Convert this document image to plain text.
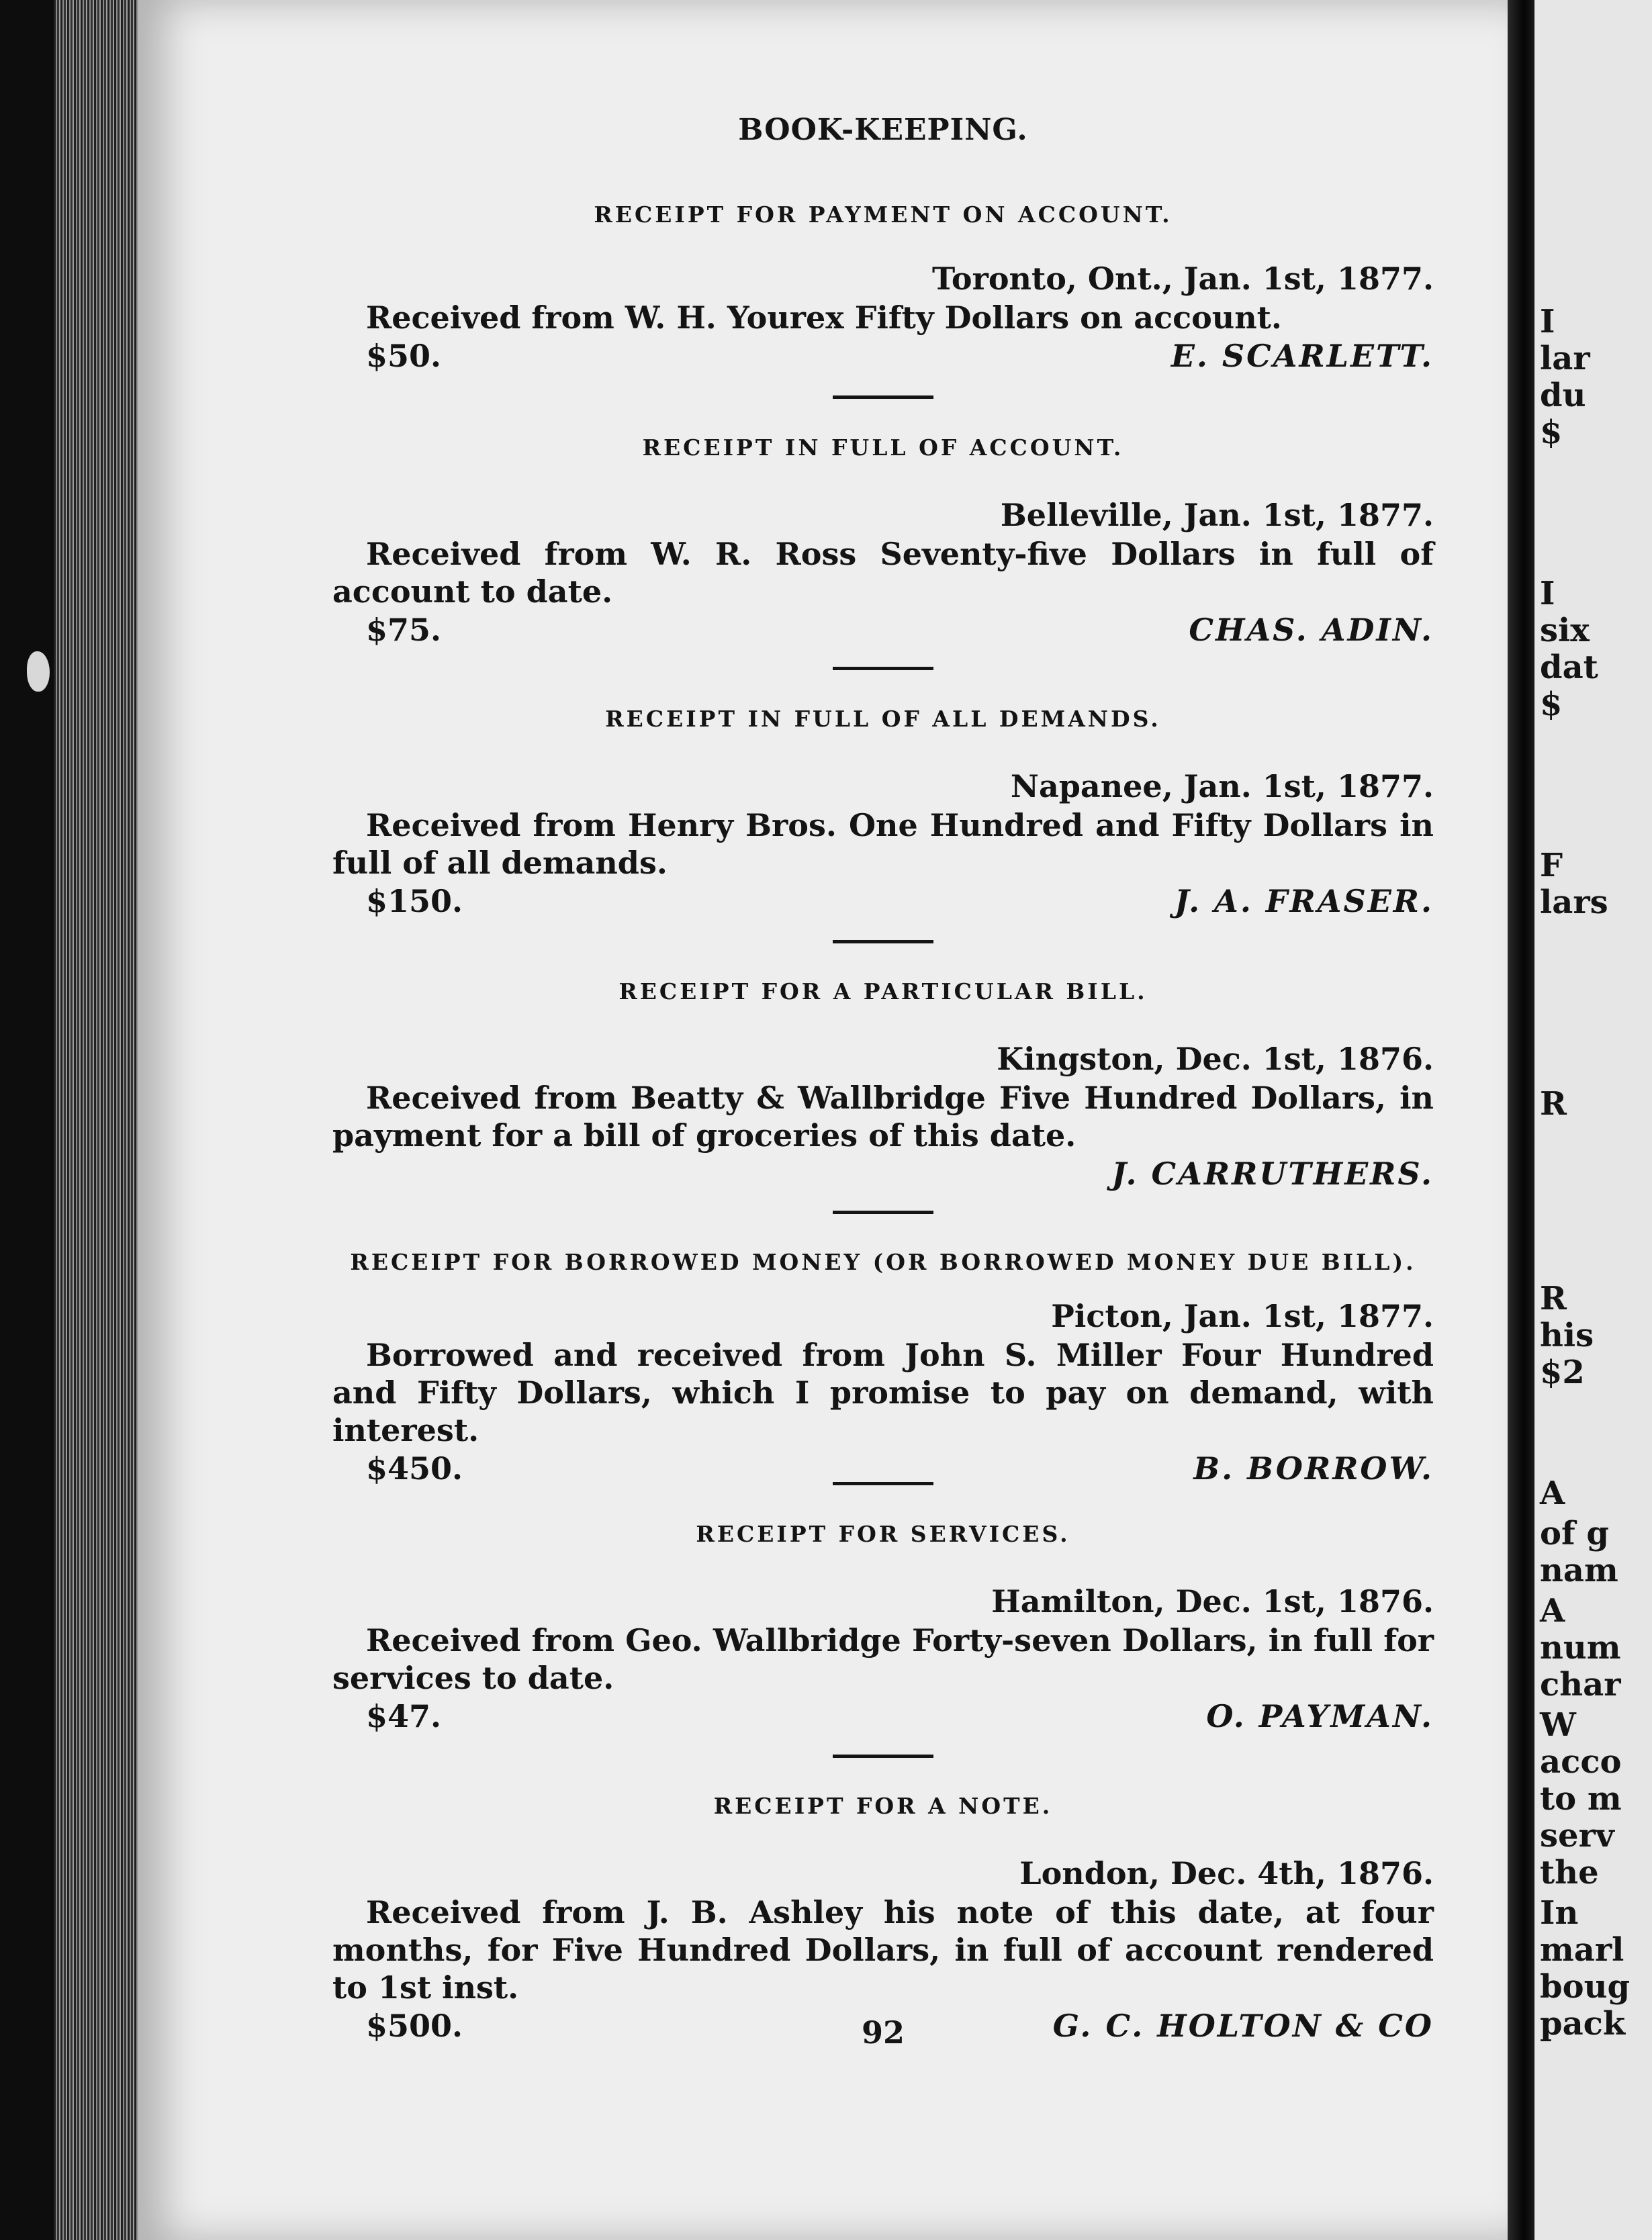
I
lar
du
$
I
six
dat
$
F
lars
R
R
his
$2
A
of g
nam
A
num
char
W
acco
to m
serv
the
In
marl
boug
pack
BOOK-KEEPING.

RECEIPT FOR PAYMENT ON ACCOUNT.

Toronto, Ont., Jan. 1st, 1877.

Received from W. H. Yourex Fifty Dollars on account.

$50.	E. SCARLETT.

RECEIPT IN FULL OF ACCOUNT.

Belleville, Jan. 1st, 1877.

Received from W. R. Ross Seventy-five Dollars in full of account to date.

$75.	CHAS. ADIN.

RECEIPT IN FULL OF ALL DEMANDS.

Napanee, Jan. 1st, 1877.

Received from Henry Bros. One Hundred and Fifty Dollars in full of all demands.

$150.	J. A. FRASER.

RECEIPT FOR A PARTICULAR BILL.

Kingston, Dec. 1st, 1876.

Received from Beatty & Wallbridge Five Hundred Dollars, in payment for a bill of groceries of this date.

J. CARRUTHERS.

RECEIPT FOR BORROWED MONEY (OR BORROWED MONEY DUE BILL).

Picton, Jan. 1st, 1877.

Borrowed and received from John S. Miller Four Hundred and Fifty Dollars, which I promise to pay on demand, with interest.

$450.	B. BORROW.

RECEIPT FOR SERVICES.

Hamilton, Dec. 1st, 1876.

Received from Geo. Wallbridge Forty-seven Dollars, in full for services to date.

$47.	O. PAYMAN.

RECEIPT FOR A NOTE.

London, Dec. 4th, 1876.

Received from J. B. Ashley his note of this date, at four months, for Five Hundred Dollars, in full of account rendered to 1st inst.

$500.	G. C. HOLTON & CO
92
